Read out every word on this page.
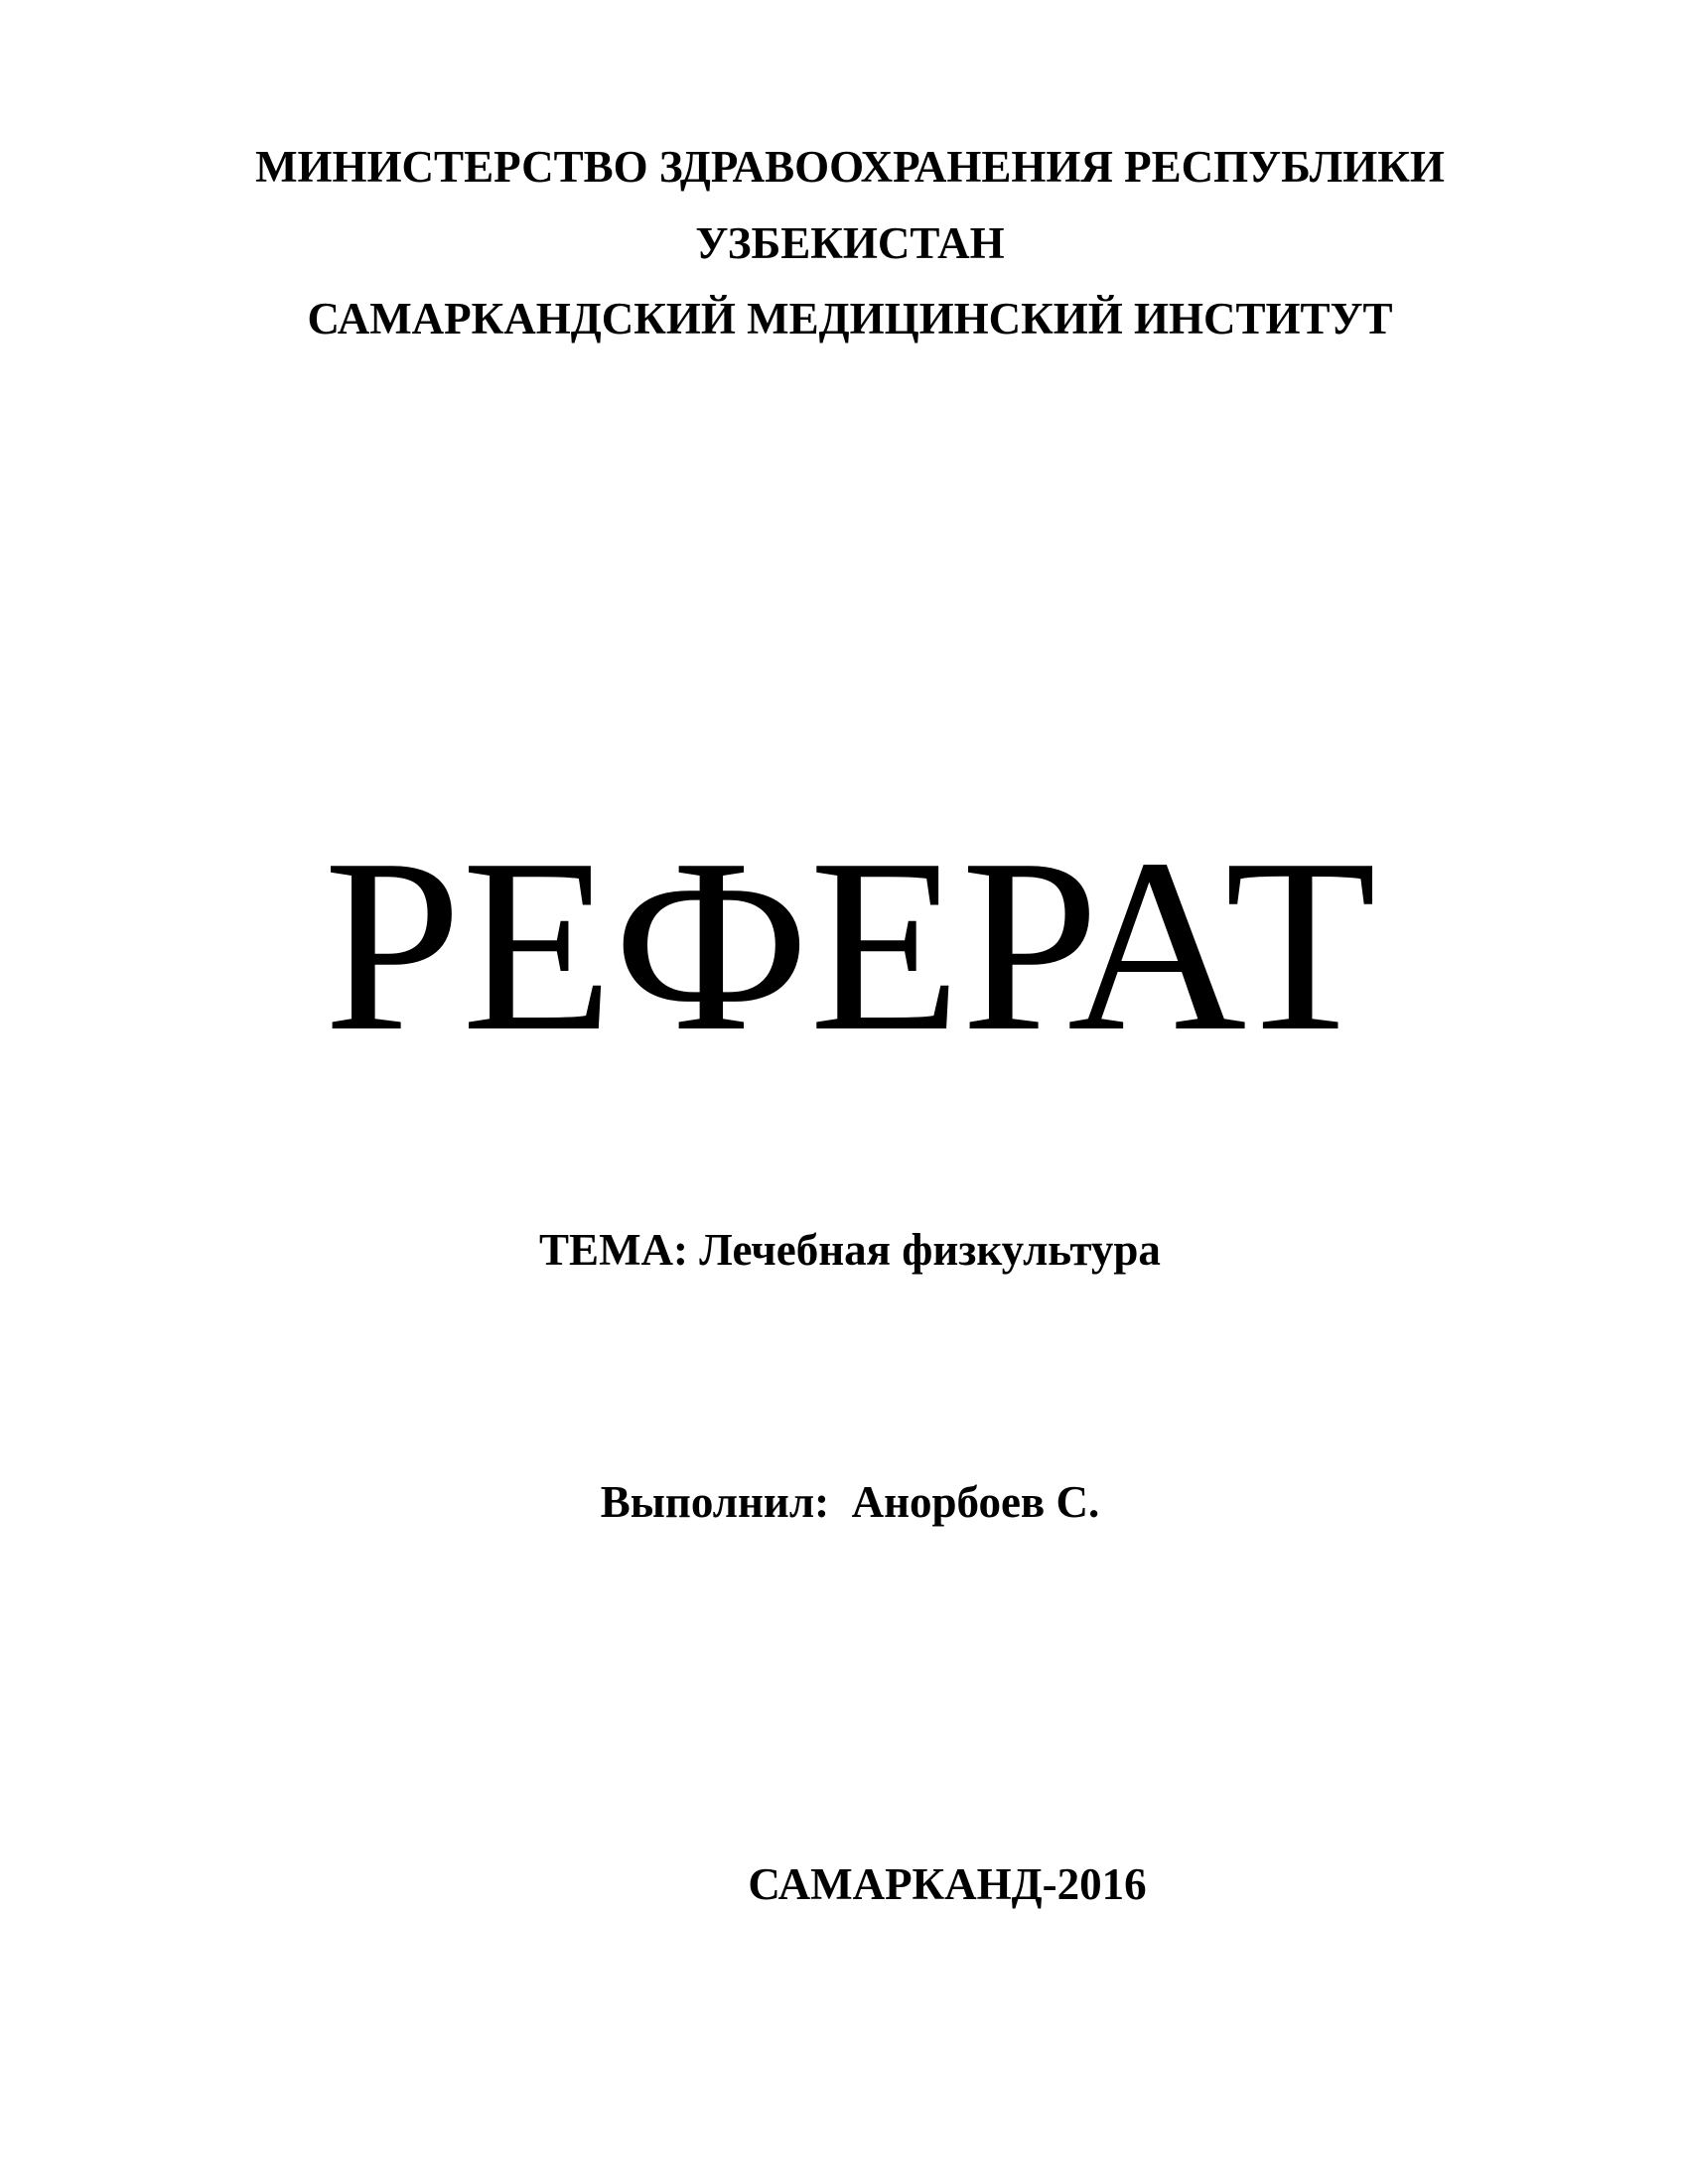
МИНИСТЕРСТВО ЗДРАВООХРАНЕНИЯ РЕСПУБЛИКИ
УЗБЕКИСТАН
САМАРКАНДСКИЙ МЕДИЦИНСКИЙ ИНСТИТУТ
РЕФЕРАТ
ТЕМА: Лечебная физкультура
Выполнил: Анорбоев С.
САМАРКАНД-2016
